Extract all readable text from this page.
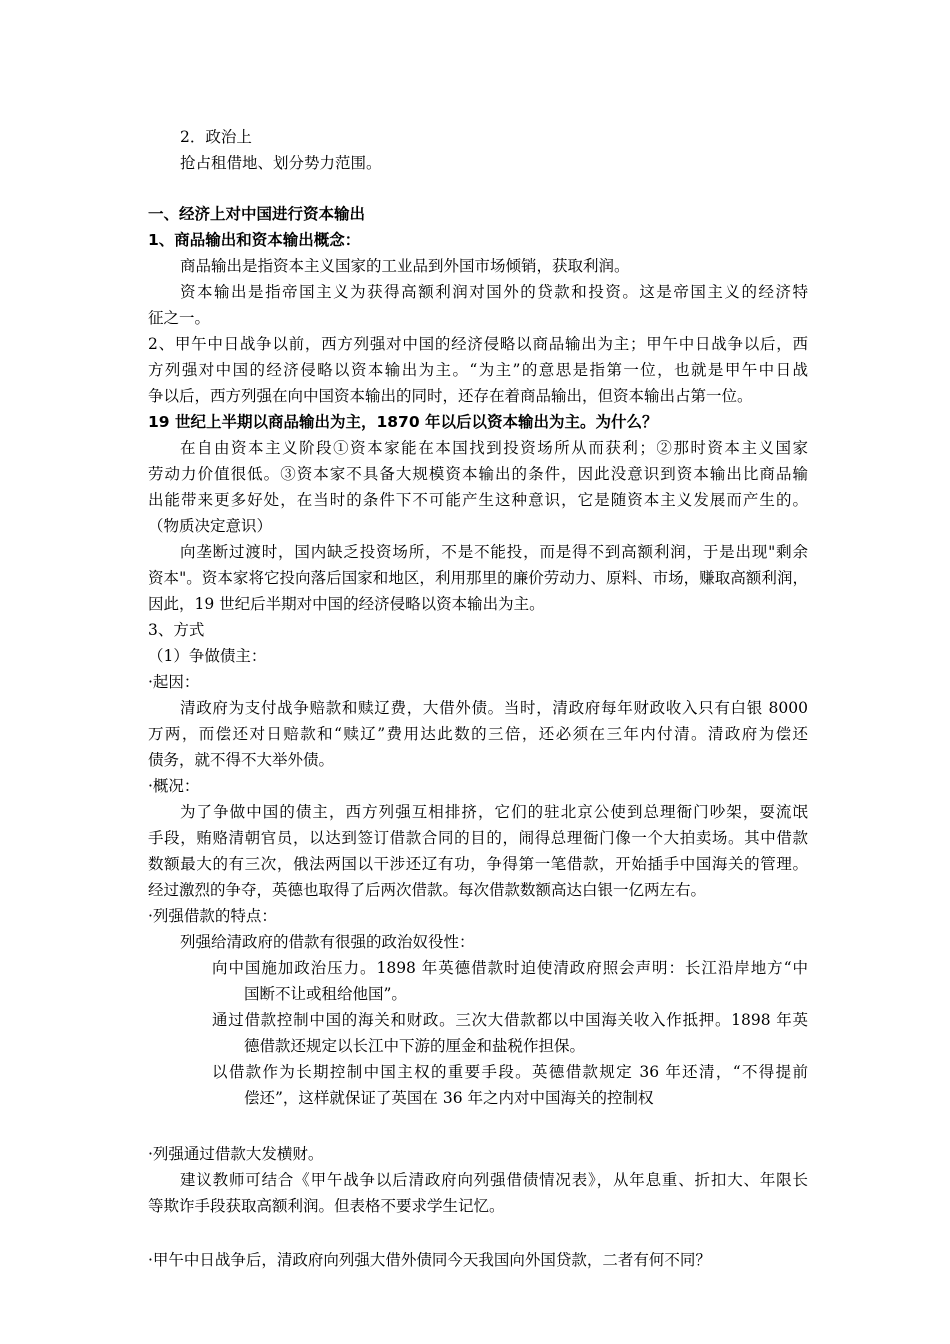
2．政治上
抢占租借地、划分势力范围。
一、经济上对中国进行资本输出
1、商品输出和资本输出概念：
商品输出是指资本主义国家的工业品到外国市场倾销，获取利润。
资本输出是指帝国主义为获得高额利润对国外的贷款和投资。这是帝国主义的经济特
征之一。
2、甲午中日战争以前，西方列强对中国的经济侵略以商品输出为主；甲午中日战争以后，西
方列强对中国的经济侵略以资本输出为主。“为主”的意思是指第一位，也就是甲午中日战
争以后，西方列强在向中国资本输出的同时，还存在着商品输出，但资本输出占第一位。
19 世纪上半期以商品输出为主，1870 年以后以资本输出为主。为什么？
在自由资本主义阶段①资本家能在本国找到投资场所从而获利；②那时资本主义国家
劳动力价值很低。③资本家不具备大规模资本输出的条件，因此没意识到资本输出比商品输
出能带来更多好处，在当时的条件下不可能产生这种意识，它是随资本主义发展而产生的。
（物质决定意识）
向垄断过渡时，国内缺乏投资场所，不是不能投，而是得不到高额利润，于是出现"剩余
资本"。资本家将它投向落后国家和地区，利用那里的廉价劳动力、原料、市场，赚取高额利润，
因此，19 世纪后半期对中国的经济侵略以资本输出为主。
3、方式
（1）争做债主：
·起因：
清政府为支付战争赔款和赎辽费，大借外债。当时，清政府每年财政收入只有白银 8000
万两，而偿还对日赔款和“赎辽”费用达此数的三倍，还必须在三年内付清。清政府为偿还
债务，就不得不大举外债。
·概况：
为了争做中国的债主，西方列强互相排挤，它们的驻北京公使到总理衙门吵架，耍流氓
手段，贿赂清朝官员，以达到签订借款合同的目的，闹得总理衙门像一个大拍卖场。其中借款
数额最大的有三次，俄法两国以干涉还辽有功，争得第一笔借款，开始插手中国海关的管理。
经过激烈的争夺，英德也取得了后两次借款。每次借款数额高达白银一亿两左右。
·列强借款的特点：
列强给清政府的借款有很强的政治奴役性：
向中国施加政治压力。1898 年英德借款时迫使清政府照会声明：长江沿岸地方“中
国断不让或租给他国”。
通过借款控制中国的海关和财政。三次大借款都以中国海关收入作抵押。1898 年英
德借款还规定以长江中下游的厘金和盐税作担保。
以借款作为长期控制中国主权的重要手段。英德借款规定 36 年还清，“不得提前
偿还”，这样就保证了英国在 36 年之内对中国海关的控制权
·列强通过借款大发横财。
建议教师可结合《甲午战争以后清政府向列强借债情况表》，从年息重、折扣大、年限长
等欺诈手段获取高额利润。但表格不要求学生记忆。
·甲午中日战争后，清政府向列强大借外债同今天我国向外国贷款，二者有何不同？
